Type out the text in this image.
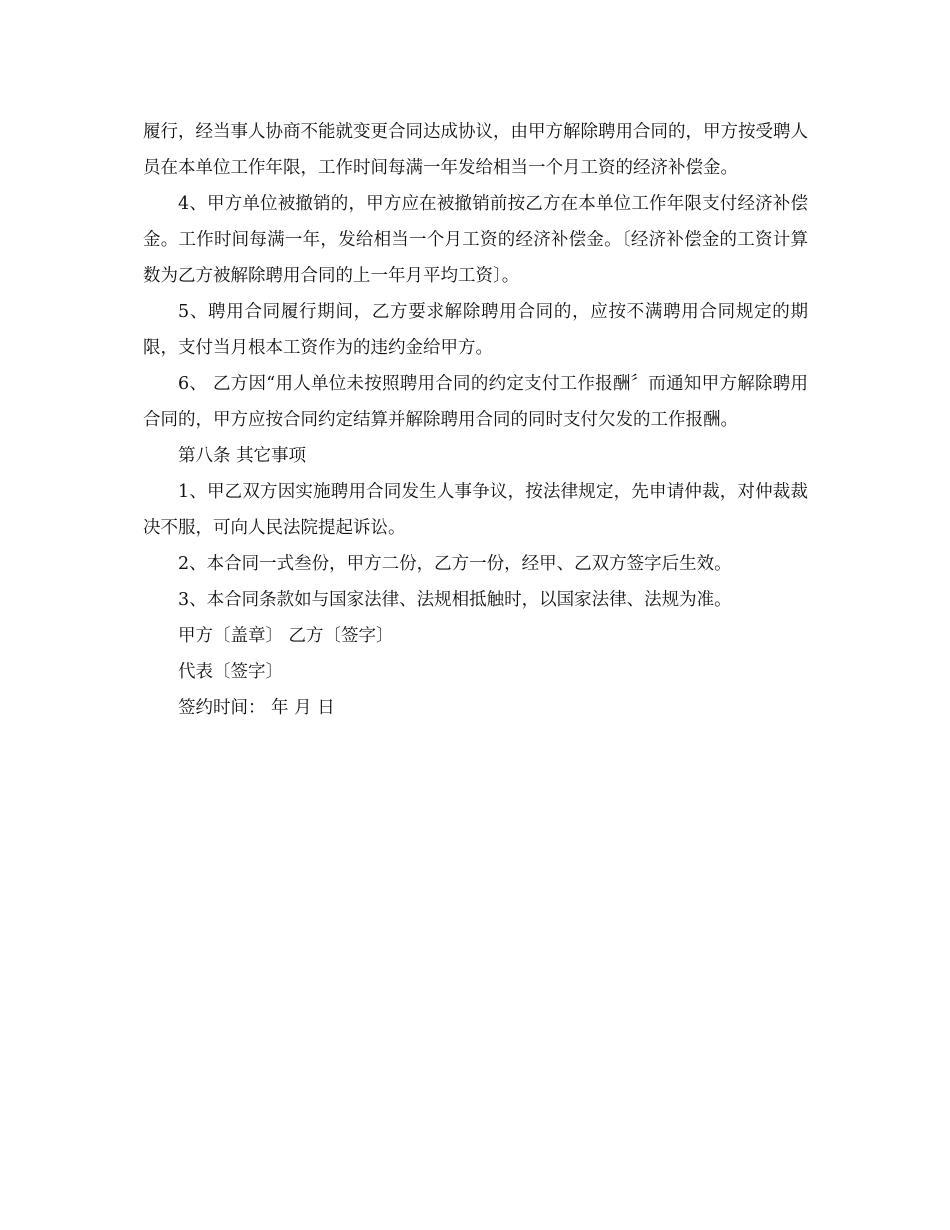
履行，经当事人协商不能就变更合同达成协议，由甲方解除聘用合同的，甲方按受聘人员在本单位工作年限，工作时间每满一年发给相当一个月工资的经济补偿金。

4、甲方单位被撤销的，甲方应在被撤销前按乙方在本单位工作年限支付经济补偿金。工作时间每满一年，发给相当一个月工资的经济补偿金。〔经济补偿金的工资计算数为乙方被解除聘用合同的上一年月平均工资〕。

5、聘用合同履行期间，乙方要求解除聘用合同的，应按不满聘用合同规定的期限，支付当月根本工资作为的违约金给甲方。

6、 乙方因“用人单位未按照聘用合同的约定支付工作报酬〞而通知甲方解除聘用合同的，甲方应按合同约定结算并解除聘用合同的同时支付欠发的工作报酬。

第八条 其它事项

1、甲乙双方因实施聘用合同发生人事争议，按法律规定，先申请仲裁，对仲裁裁决不服，可向人民法院提起诉讼。

2、本合同一式叁份，甲方二份，乙方一份，经甲、乙双方签字后生效。

3、本合同条款如与国家法律、法规相抵触时，以国家法律、法规为准。

甲方〔盖章〕 乙方〔签字〕

代表〔签字〕

签约时间： 年 月 日
